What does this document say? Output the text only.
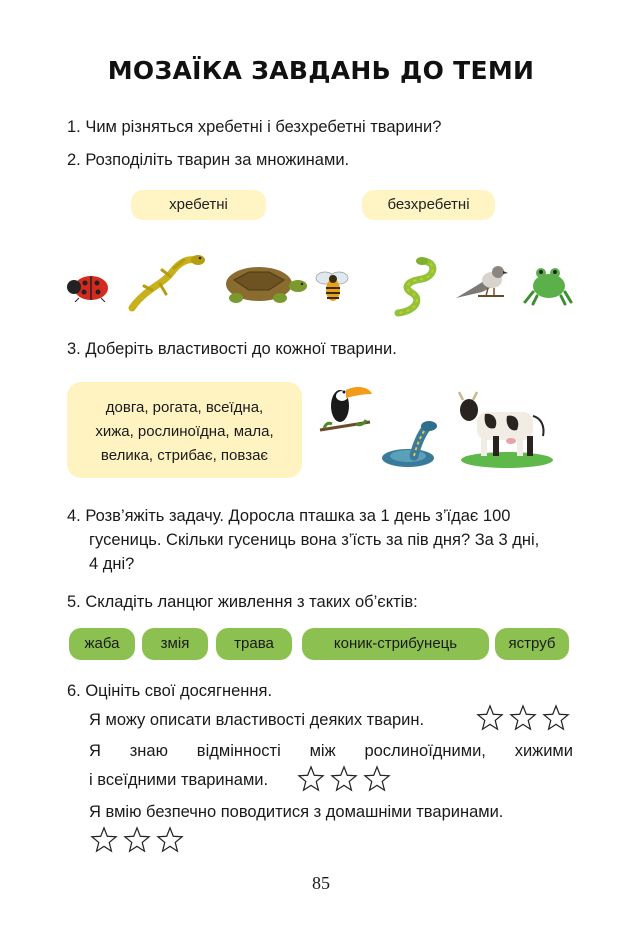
МОЗАЇКА ЗАВДАНЬ ДО ТЕМИ
1. Чим різняться хребетні і безхребетні тварини?
2. Розподіліть тварин за множинами.
хребетні	безхребетні
3. Доберіть властивості до кожної тварини.
довга, рогата, всеїдна,
хижа, рослиноїдна, мала,
велика, стрибає, повзає
4. Розв’яжіть задачу. Доросла пташка за 1 день з’їдає 100
гусениць. Скільки гусениць вона з’їсть за пів дня? За 3 дні,
4 дні?
5. Складіть ланцюг живлення з таких об’єктів:
жаба	змія	трава	коник-стрибунець	яструб
6. Оцініть свої досягнення.
Я можу описати властивості деяких тварин.
Я знаю відмінності між рослиноїдними, хижими
і всеїдними тваринами.
Я вмію безпечно поводитися з домашніми тваринами.
85
